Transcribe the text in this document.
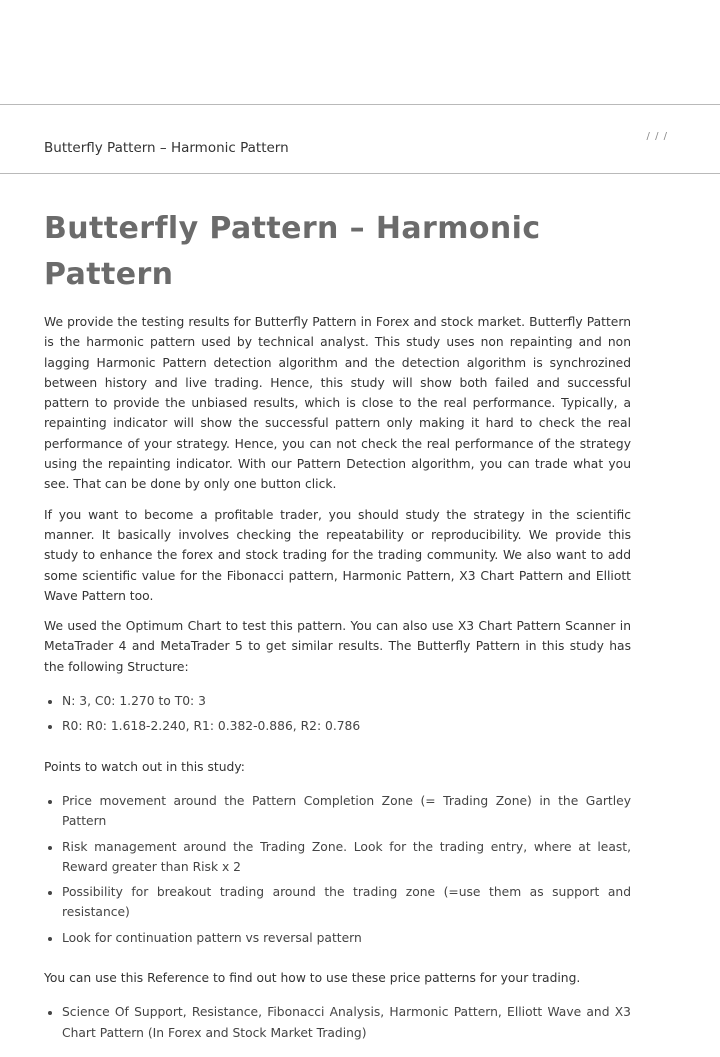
/ / /
Butterfly Pattern – Harmonic Pattern
Butterfly Pattern – Harmonic Pattern

We provide the testing results for Butterfly Pattern in Forex and stock market. Butterfly Pattern is the harmonic pattern used by technical analyst. This study uses non repainting and non lagging Harmonic Pattern detection algorithm and the detection algorithm is synchrozined between history and live trading. Hence, this study will show both failed and successful pattern to provide the unbiased results, which is close to the real performance. Typically, a repainting indicator will show the successful pattern only making it hard to check the real performance of your strategy. Hence, you can not check the real performance of the strategy using the repainting indicator. With our Pattern Detection algorithm, you can trade what you see. That can be done by only one button click.

If you want to become a profitable trader, you should study the strategy in the scientific manner. It basically involves checking the repeatability or reproducibility. We provide this study to enhance the forex and stock trading for the trading community. We also want to add some scientific value for the Fibonacci pattern, Harmonic Pattern, X3 Chart Pattern and Elliott Wave Pattern too.

We used the Optimum Chart to test this pattern. You can also use X3 Chart Pattern Scanner in MetaTrader 4 and MetaTrader 5 to get similar results. The Butterfly Pattern in this study has the following Structure:

• N: 3, C0: 1.270 to T0: 3
• R0: R0: 1.618-2.240, R1: 0.382-0.886, R2: 0.786

Points to watch out in this study:

• Price movement around the Pattern Completion Zone (= Trading Zone) in the Gartley Pattern
• Risk management around the Trading Zone. Look for the trading entry, where at least, Reward greater than Risk x 2
• Possibility for breakout trading around the trading zone (=use them as support and resistance)
• Look for continuation pattern vs reversal pattern

You can use this Reference to find out how to use these price patterns for your trading.

• Science Of Support, Resistance, Fibonacci Analysis, Harmonic Pattern, Elliott Wave and X3 Chart Pattern (In Forex and Stock Market Trading)
